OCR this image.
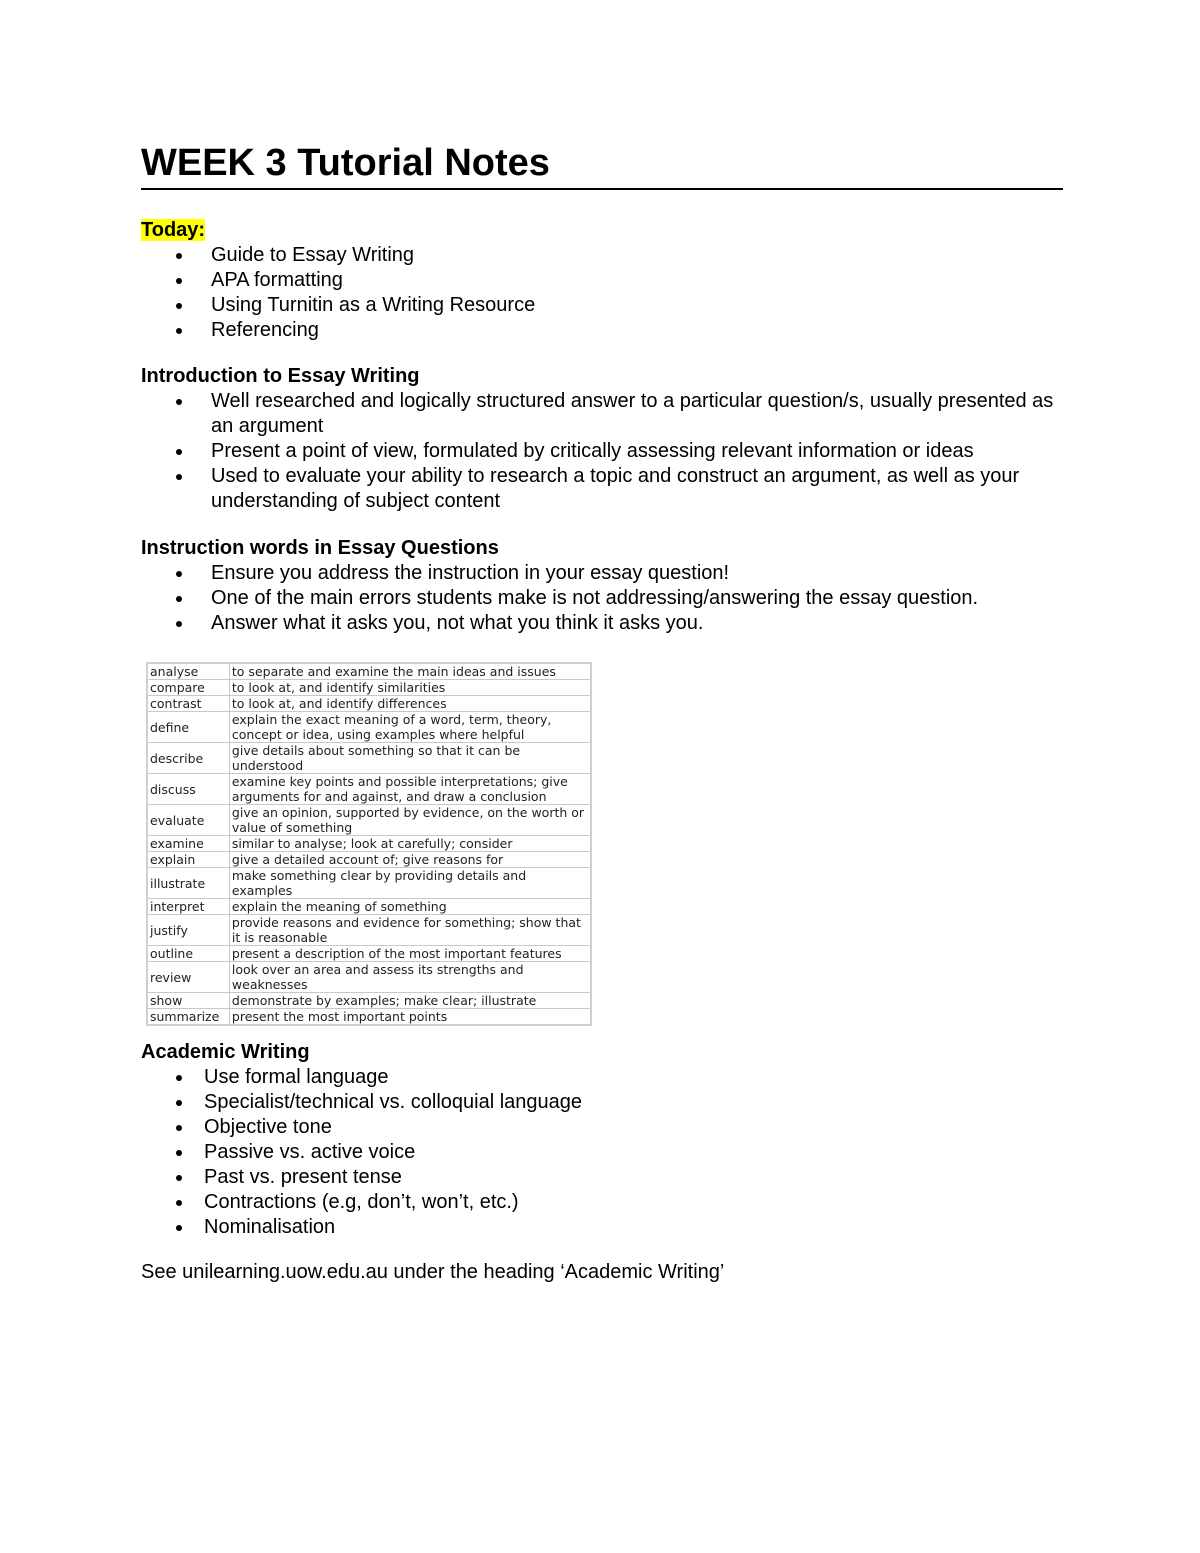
WEEK 3 Tutorial Notes
Today:
Guide to Essay Writing
APA formatting
Using Turnitin as a Writing Resource
Referencing
Introduction to Essay Writing
Well researched and logically structured answer to a particular question/s, usually presented as an argument
Present a point of view, formulated by critically assessing relevant information or ideas
Used to evaluate your ability to research a topic and construct an argument, as well as your understanding of subject content
Instruction words in Essay Questions
Ensure you address the instruction in your essay question!
One of the main errors students make is not addressing/answering the essay question.
Answer what it asks you, not what you think it asks you.
analyse	to separate and examine the main ideas and issues
compare	to look at, and identify similarities
contrast	to look at, and identify differences
define	explain the exact meaning of a word, term, theory, concept or idea, using examples where helpful
describe	give details about something so that it can be understood
discuss	examine key points and possible interpretations; give arguments for and against, and draw a conclusion
evaluate	give an opinion, supported by evidence, on the worth or value of something
examine	similar to analyse; look at carefully; consider
explain	give a detailed account of; give reasons for
illustrate	make something clear by providing details and examples
interpret	explain the meaning of something
justify	provide reasons and evidence for something; show that it is reasonable
outline	present a description of the most important features
review	look over an area and assess its strengths and weaknesses
show	demonstrate by examples; make clear; illustrate
summarize	present the most important points
Academic Writing
Use formal language
Specialist/technical vs. colloquial language
Objective tone
Passive vs. active voice
Past vs. present tense
Contractions (e.g, don’t, won’t, etc.)
Nominalisation
See unilearning.uow.edu.au under the heading ‘Academic Writing’
